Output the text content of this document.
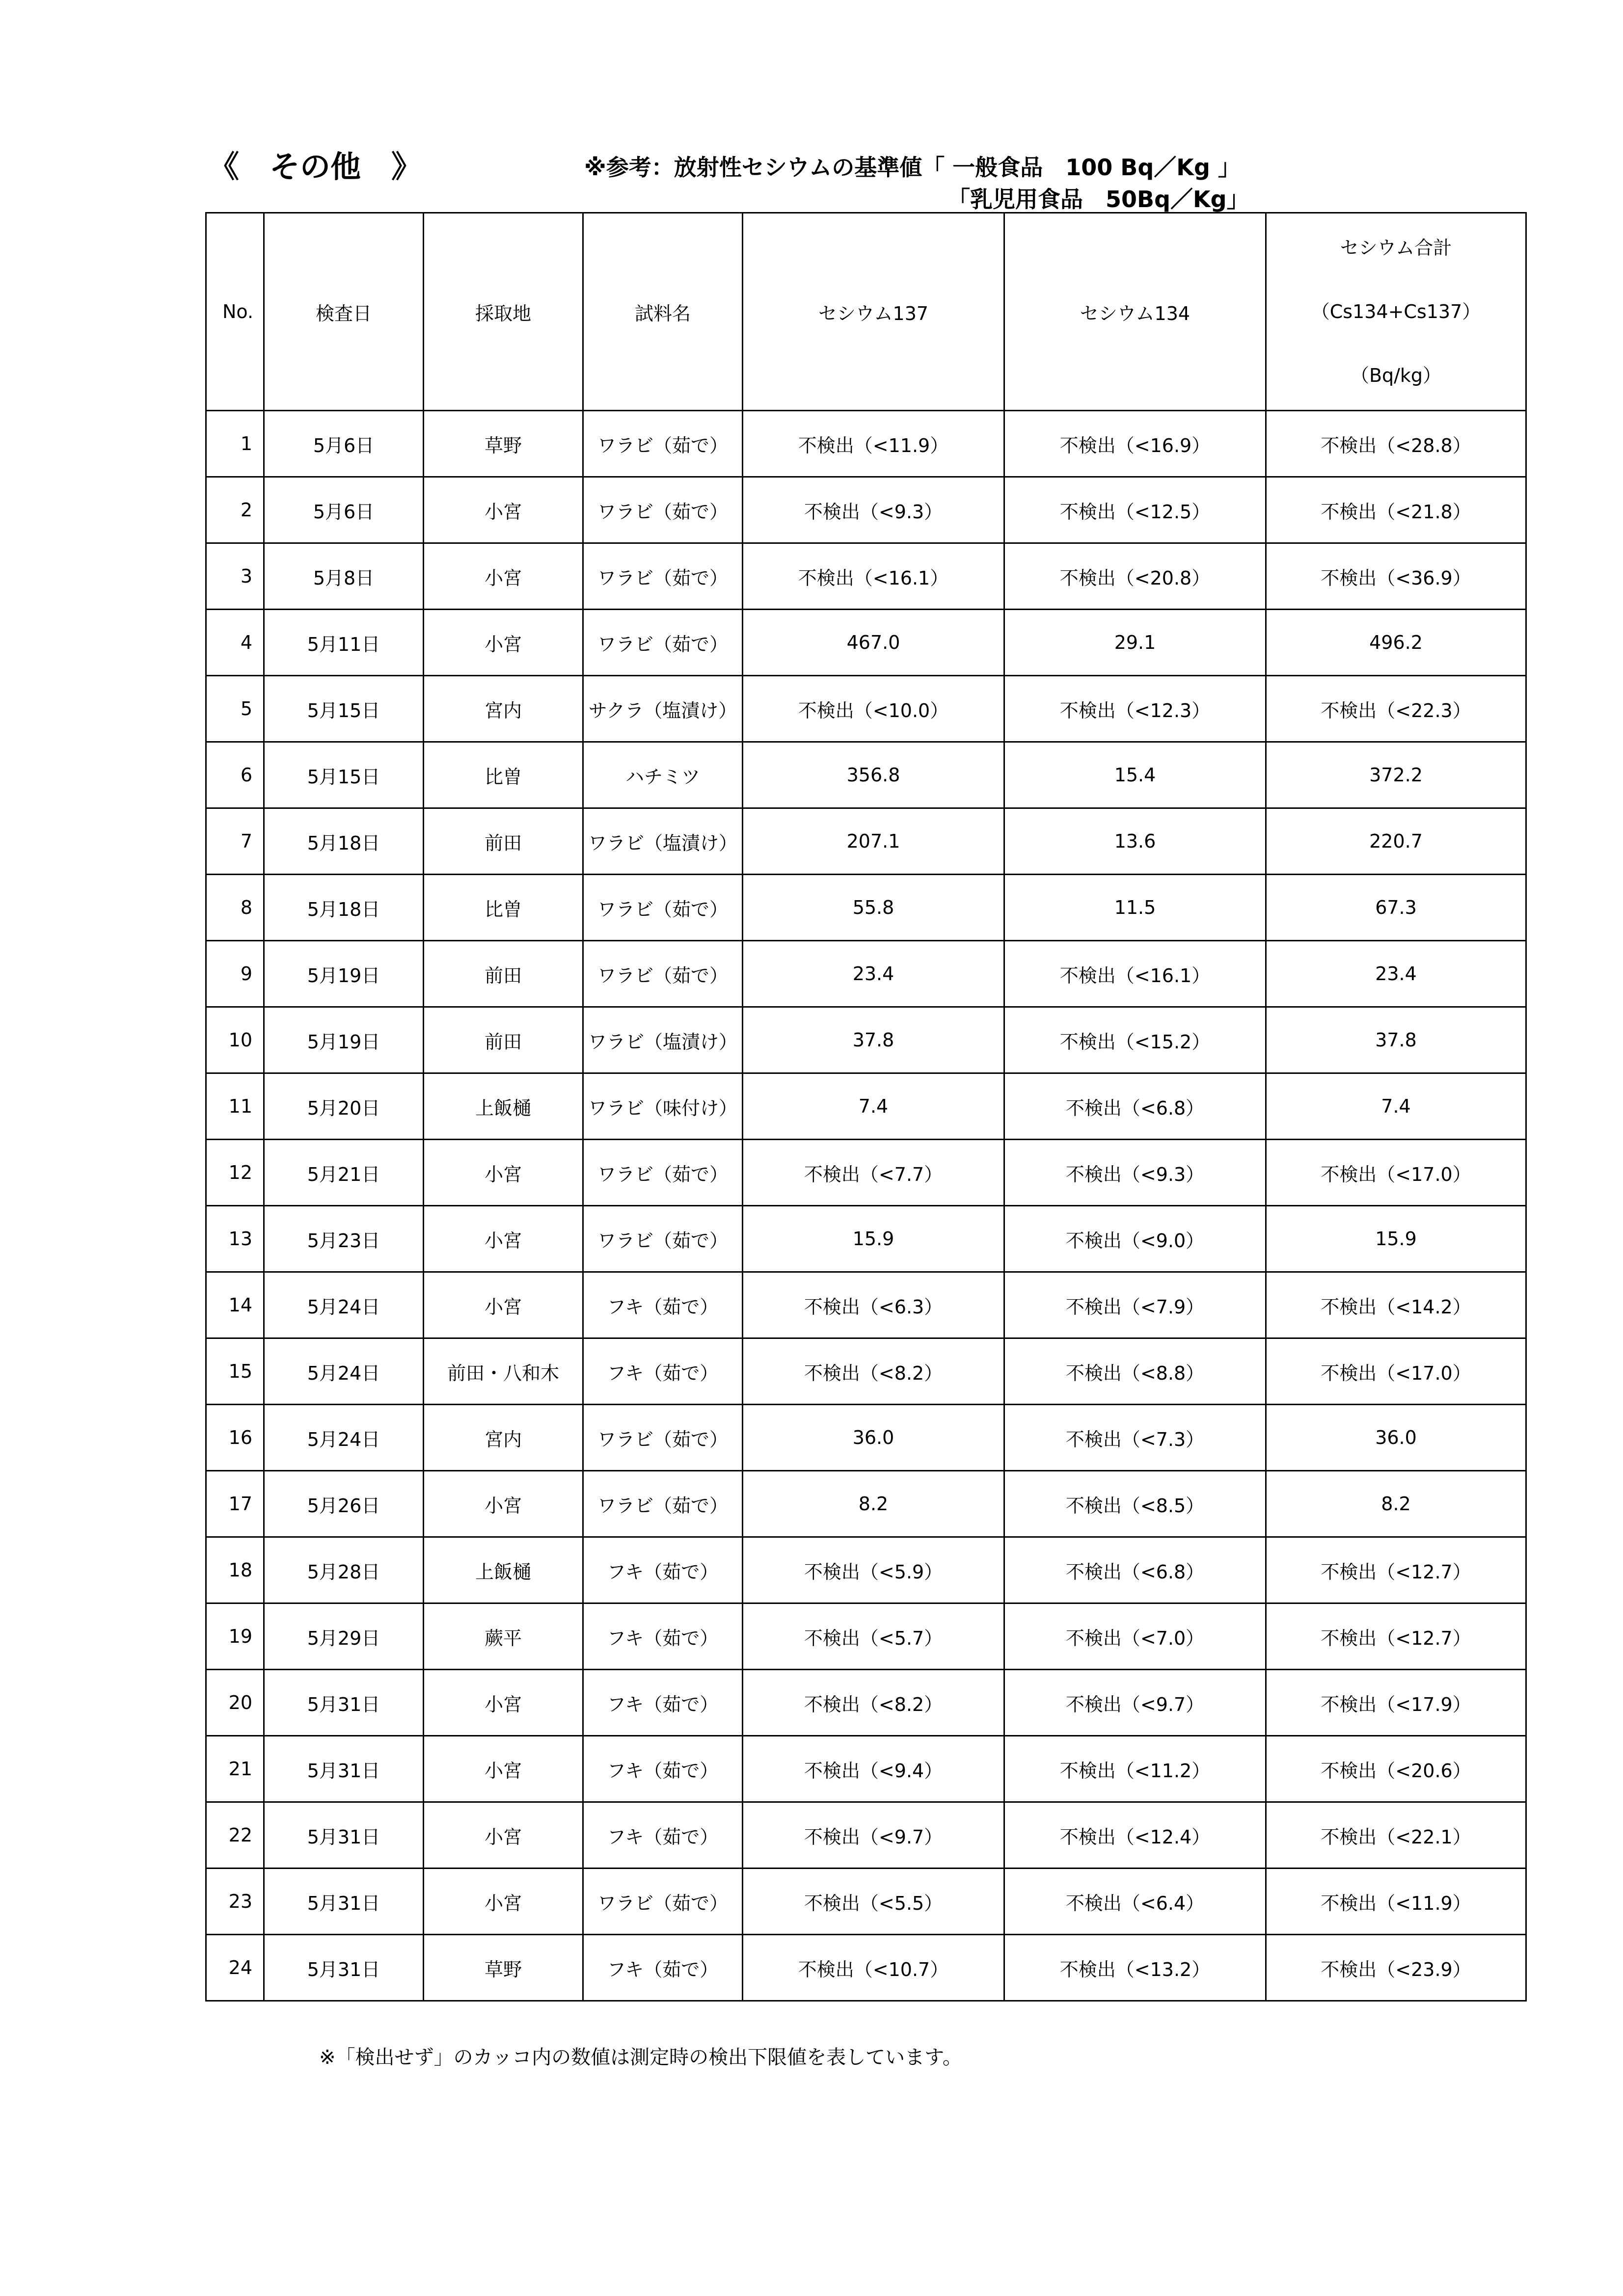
《　その他　》	※参考：放射性セシウムの基準値「 一般食品　100 Bq／Kg 」
「乳児用食品　50Bq／Kg」
No.	検査日	採取地	試料名	セシウム137	セシウム134	セシウム合計
（Cs134+Cs137）
（Bq/kg）

1	5月6日	草野	ワラビ（茹で）	不検出（<11.9）	不検出（<16.9）	不検出（<28.8）
2	5月6日	小宮	ワラビ（茹で）	不検出（<9.3）	不検出（<12.5）	不検出（<21.8）
3	5月8日	小宮	ワラビ（茹で）	不検出（<16.1）	不検出（<20.8）	不検出（<36.9）
4	5月11日	小宮	ワラビ（茹で）	467.0	29.1	496.2
5	5月15日	宮内	サクラ（塩漬け）	不検出（<10.0）	不検出（<12.3）	不検出（<22.3）
6	5月15日	比曽	ハチミツ	356.8	15.4	372.2
7	5月18日	前田	ワラビ（塩漬け）	207.1	13.6	220.7
8	5月18日	比曽	ワラビ（茹で）	55.8	11.5	67.3
9	5月19日	前田	ワラビ（茹で）	23.4	不検出（<16.1）	23.4
10	5月19日	前田	ワラビ（塩漬け）	37.8	不検出（<15.2）	37.8
11	5月20日	上飯樋	ワラビ（味付け）	7.4	不検出（<6.8）	7.4
12	5月21日	小宮	ワラビ（茹で）	不検出（<7.7）	不検出（<9.3）	不検出（<17.0）
13	5月23日	小宮	ワラビ（茹で）	15.9	不検出（<9.0）	15.9
14	5月24日	小宮	フキ（茹で）	不検出（<6.3）	不検出（<7.9）	不検出（<14.2）
15	5月24日	前田・八和木	フキ（茹で）	不検出（<8.2）	不検出（<8.8）	不検出（<17.0）
16	5月24日	宮内	ワラビ（茹で）	36.0	不検出（<7.3）	36.0
17	5月26日	小宮	ワラビ（茹で）	8.2	不検出（<8.5）	8.2
18	5月28日	上飯樋	フキ（茹で）	不検出（<5.9）	不検出（<6.8）	不検出（<12.7）
19	5月29日	蕨平	フキ（茹で）	不検出（<5.7）	不検出（<7.0）	不検出（<12.7）
20	5月31日	小宮	フキ（茹で）	不検出（<8.2）	不検出（<9.7）	不検出（<17.9）
21	5月31日	小宮	フキ（茹で）	不検出（<9.4）	不検出（<11.2）	不検出（<20.6）
22	5月31日	小宮	フキ（茹で）	不検出（<9.7）	不検出（<12.4）	不検出（<22.1）
23	5月31日	小宮	ワラビ（茹で）	不検出（<5.5）	不検出（<6.4）	不検出（<11.9）
24	5月31日	草野	フキ（茹で）	不検出（<10.7）	不検出（<13.2）	不検出（<23.9）
※「検出せず」のカッコ内の数値は測定時の検出下限値を表しています。
